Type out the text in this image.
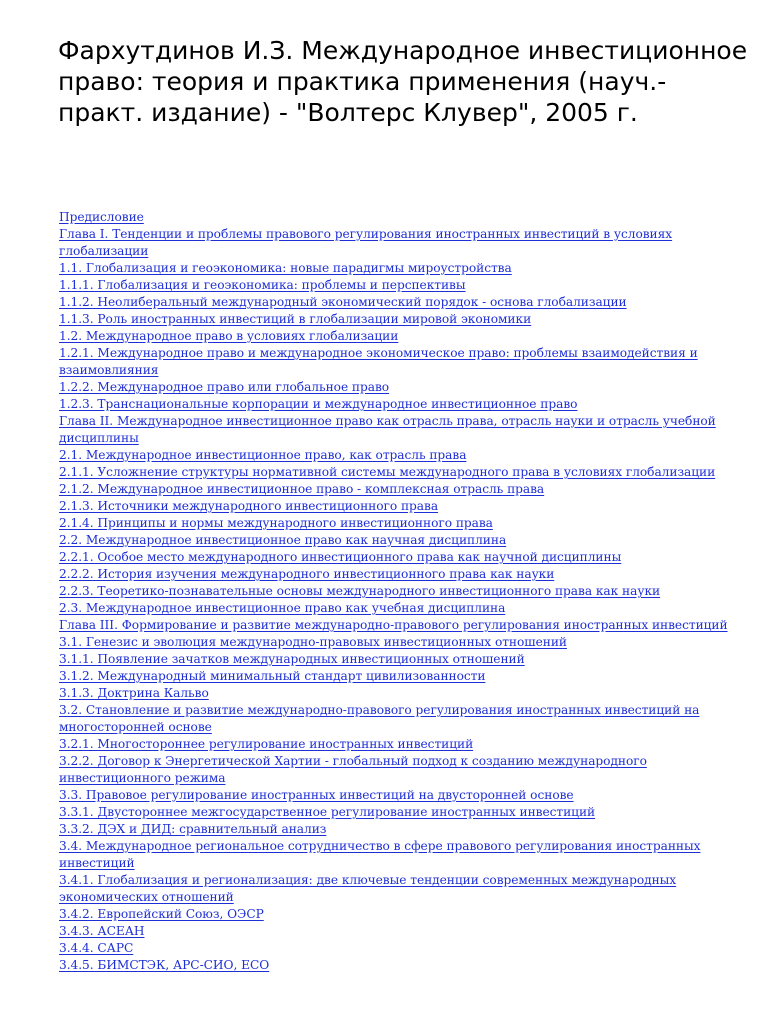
Фархутдинов И.З. Международное инвестиционное право: теория и практика применения (науч.-практ. издание) - "Волтерс Клувер", 2005 г.
Предисловие
Глава I. Тенденции и проблемы правового регулирования иностранных инвестиций в условиях глобализации
1.1. Глобализация и геоэкономика: новые парадигмы мироустройства
1.1.1. Глобализация и геоэкономика: проблемы и перспективы
1.1.2. Неолиберальный международный экономический порядок - основа глобализации
1.1.3. Роль иностранных инвестиций в глобализации мировой экономики
1.2. Международное право в условиях глобализации
1.2.1. Международное право и международное экономическое право: проблемы взаимодействия и взаимовлияния
1.2.2. Международное право или глобальное право
1.2.3. Транснациональные корпорации и международное инвестиционное право
Глава II. Международное инвестиционное право как отрасль права, отрасль науки и отрасль учебной дисциплины
2.1. Международное инвестиционное право, как отрасль права
2.1.1. Усложнение структуры нормативной системы международного права в условиях глобализации
2.1.2. Международное инвестиционное право - комплексная отрасль права
2.1.3. Источники международного инвестиционного права
2.1.4. Принципы и нормы международного инвестиционного права
2.2. Международное инвестиционное право как научная дисциплина
2.2.1. Особое место международного инвестиционного права как научной дисциплины
2.2.2. История изучения международного инвестиционного права как науки
2.2.3. Теоретико-познавательные основы международного инвестиционного права как науки
2.3. Международное инвестиционное право как учебная дисциплина
Глава III. Формирование и развитие международно-правового регулирования иностранных инвестиций
3.1. Генезис и эволюция международно-правовых инвестиционных отношений
3.1.1. Появление зачатков международных инвестиционных отношений
3.1.2. Международный минимальный стандарт цивилизованности
3.1.3. Доктрина Кальво
3.2. Становление и развитие международно-правового регулирования иностранных инвестиций на многосторонней основе
3.2.1. Многостороннее регулирование иностранных инвестиций
3.2.2. Договор к Энергетической Хартии - глобальный подход к созданию международного инвестиционного режима
3.3. Правовое регулирование иностранных инвестиций на двусторонней основе
3.3.1. Двустороннее межгосударственное регулирование иностранных инвестиций
3.3.2. ДЭХ и ДИД: сравнительный анализ
3.4. Международное региональное сотрудничество в сфере правового регулирования иностранных инвестиций
3.4.1. Глобализация и регионализация: две ключевые тенденции современных международных экономических отношений
3.4.2. Европейский Союз, ОЭСР
3.4.3. АСЕАН
3.4.4. САРС
3.4.5. БИМСТЭК, АРС-СИО, ЕСО
